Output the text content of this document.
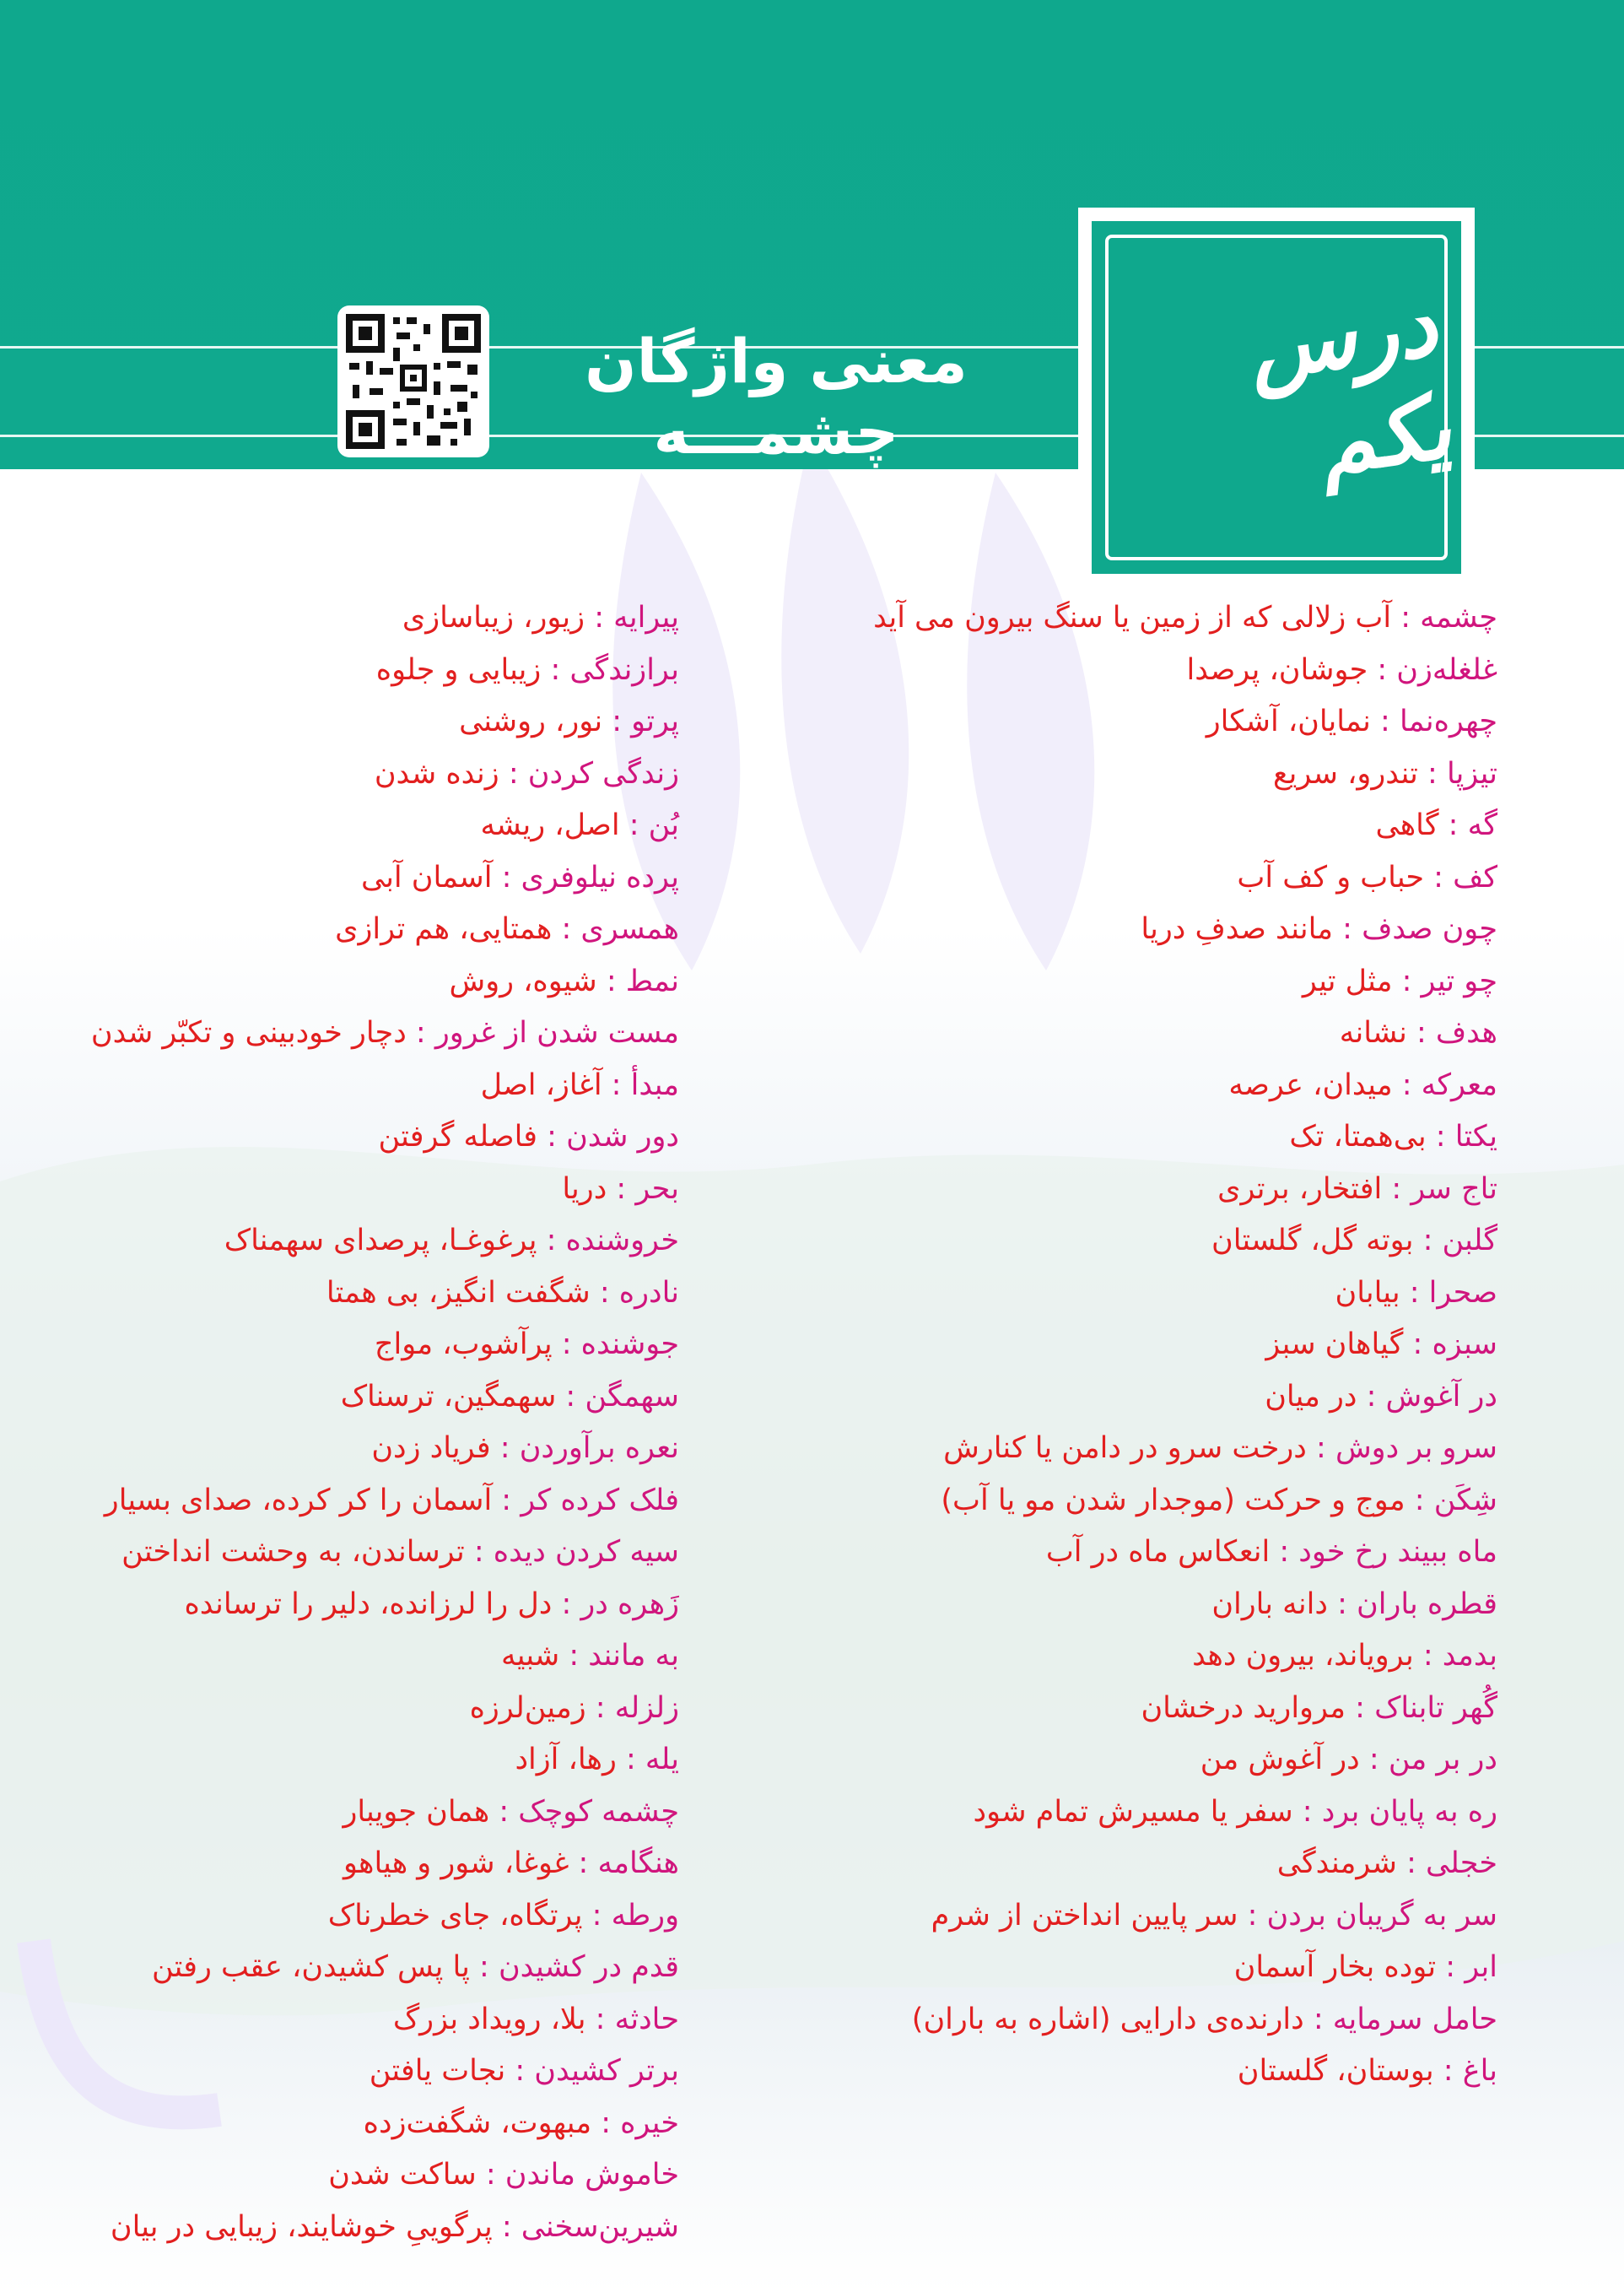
معنی واژگان چشمـــه
درس یکم
چشمه : آب زلالی که از زمین یا سنگ بیرون می آید
غلغله‌زن : جوشان، پرصدا
چهره‌نما : نمایان، آشکار
تیزپا : تندرو، سریع
گه : گاهی
کف : حباب و کف آب
چون صدف : مانند صدفِ دریا
چو تیر : مثل تیر
هدف : نشانه
معرکه : میدان، عرصه
یکتا : بی‌همتا، تک
تاج سر : افتخار، برتری
گلبن : بوته گل، گلستان
صحرا : بیابان
سبزه : گیاهان سبز
در آغوش : در میان
سرو بر دوش : درخت سرو در دامن یا کنارش
شِکَن : موج و حرکت (موجدار شدن مو یا آب)
ماه ببیند رخ خود : انعکاس ماه در آب
قطره باران : دانه باران
بدمد : برویاند، بیرون دهد
گُهر تابناک : مروارید درخشان
در بر من : در آغوش من
ره به پایان برد : سفر یا مسیرش تمام شود
خجلی : شرمندگی
سر به گریبان بردن : سر پایین انداختن از شرم
ابر : توده بخار آسمان
حامل سرمایه : دارنده‌ی دارایی (اشاره به باران)
باغ : بوستان، گلستان
پیرایه : زیور، زیباسازی
برازندگی : زیبایی و جلوه
پرتو : نور، روشنی
زندگی کردن : زنده شدن
بُن : اصل، ریشه
پرده نیلوفری : آسمان آبی
همسری : همتایی، هم ترازی
نمط : شیوه، روش
مست شدن از غرور : دچار خودبینی و تکبّر شدن
مبدأ : آغاز، اصل
دور شدن : فاصله گرفتن
بحر : دریا
خروشنده : پرغوغـا، پرصدای سهمناک
نادره : شگفت انگیز، بی همتا
جوشنده : پرآشوب، مواج
سهمگن : سهمگین، ترسناک
نعره برآوردن : فریاد زدن
فلک کرده کر : آسمان را کر کرده، صدای بسیار
سیه کردن دیده : ترساندن، به وحشت انداختن
زَهره در : دل را لرزانده، دلیر را ترسانده
به مانند : شبیه
زلزله : زمین‌لرزه
یله : رها، آزاد
چشمه کوچک : همان جویبار
هنگامه : غوغا، شور و هیاهو
ورطه : پرتگاه، جای خطرناک
قدم در کشیدن : پا پس کشیدن، عقب رفتن
حادثه : بلا، رویداد بزرگ
برتر کشیدن : نجات یافتن
خیره : مبهوت، شگفت‌زده
خاموش ماندن : ساکت شدن
شیرین‌سخنی : پرگوییِ خوشایند، زیبایی در بیان
